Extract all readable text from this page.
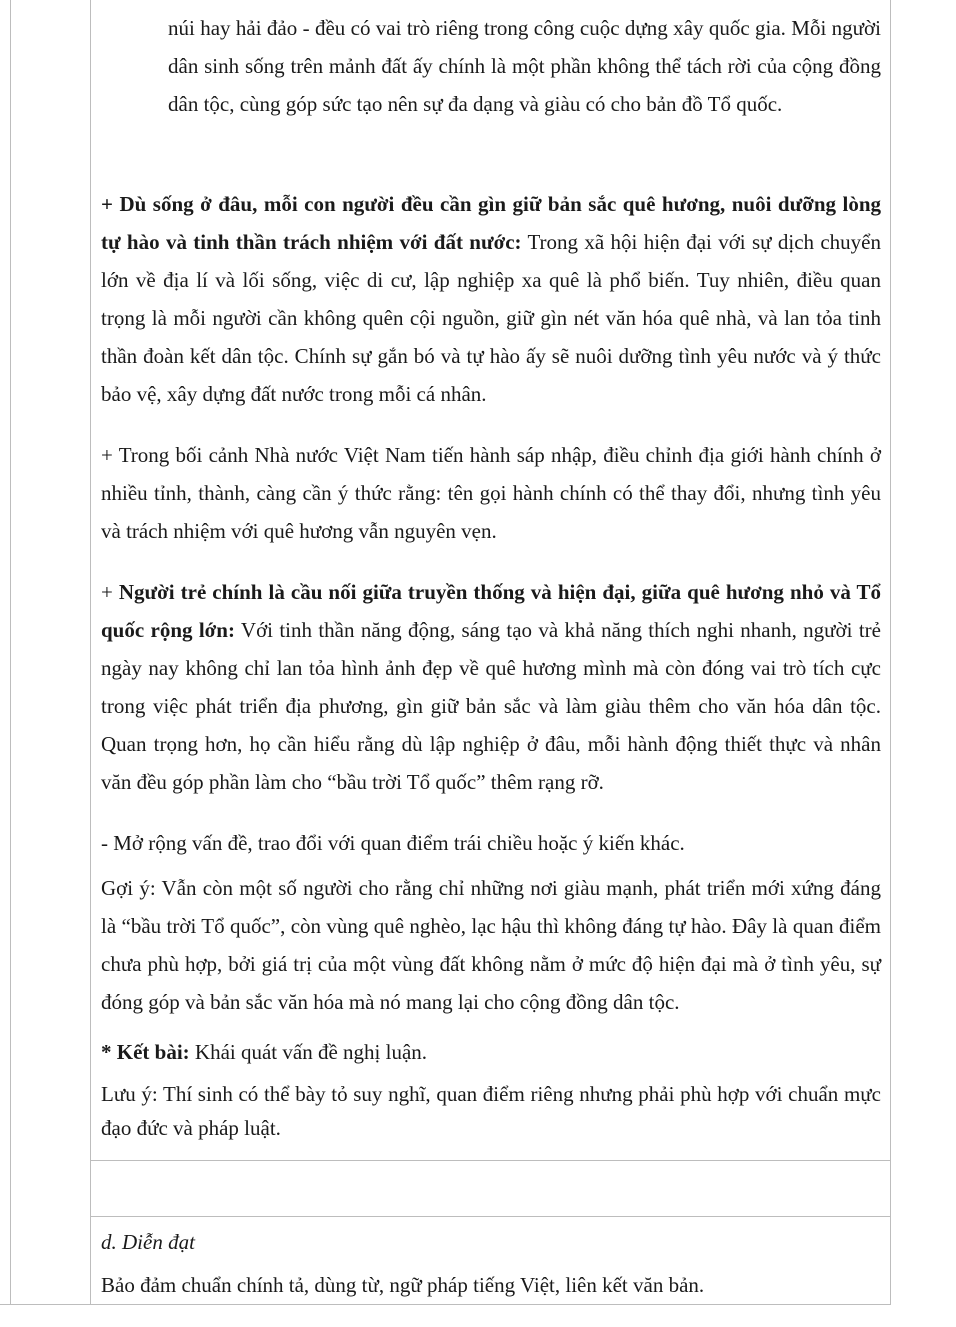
núi hay hải đảo - đều có vai trò riêng trong công cuộc dựng xây quốc gia. Mỗi người dân sinh sống trên mảnh đất ấy chính là một phần không thể tách rời của cộng đồng dân tộc, cùng góp sức tạo nên sự đa dạng và giàu có cho bản đồ Tổ quốc.

+ Dù sống ở đâu, mỗi con người đều cần gìn giữ bản sắc quê hương, nuôi dưỡng lòng tự hào và tinh thần trách nhiệm với đất nước: Trong xã hội hiện đại với sự dịch chuyển lớn về địa lí và lối sống, việc di cư, lập nghiệp xa quê là phổ biến. Tuy nhiên, điều quan trọng là mỗi người cần không quên cội nguồn, giữ gìn nét văn hóa quê nhà, và lan tỏa tinh thần đoàn kết dân tộc. Chính sự gắn bó và tự hào ấy sẽ nuôi dưỡng tình yêu nước và ý thức bảo vệ, xây dựng đất nước trong mỗi cá nhân.

+ Trong bối cảnh Nhà nước Việt Nam tiến hành sáp nhập, điều chỉnh địa giới hành chính ở nhiều tỉnh, thành, càng cần ý thức rằng: tên gọi hành chính có thể thay đổi, nhưng tình yêu và trách nhiệm với quê hương vẫn nguyên vẹn.

+ Người trẻ chính là cầu nối giữa truyền thống và hiện đại, giữa quê hương nhỏ và Tổ quốc rộng lớn: Với tinh thần năng động, sáng tạo và khả năng thích nghi nhanh, người trẻ ngày nay không chỉ lan tỏa hình ảnh đẹp về quê hương mình mà còn đóng vai trò tích cực trong việc phát triển địa phương, gìn giữ bản sắc và làm giàu thêm cho văn hóa dân tộc. Quan trọng hơn, họ cần hiểu rằng dù lập nghiệp ở đâu, mỗi hành động thiết thực và nhân văn đều góp phần làm cho “bầu trời Tổ quốc” thêm rạng rỡ.

- Mở rộng vấn đề, trao đổi với quan điểm trái chiều hoặc ý kiến khác.

Gợi ý: Vẫn còn một số người cho rằng chỉ những nơi giàu mạnh, phát triển mới xứng đáng là “bầu trời Tổ quốc”, còn vùng quê nghèo, lạc hậu thì không đáng tự hào. Đây là quan điểm chưa phù hợp, bởi giá trị của một vùng đất không nằm ở mức độ hiện đại mà ở tình yêu, sự đóng góp và bản sắc văn hóa mà nó mang lại cho cộng đồng dân tộc.

* Kết bài: Khái quát vấn đề nghị luận.

Lưu ý: Thí sinh có thể bày tỏ suy nghĩ, quan điểm riêng nhưng phải phù hợp với chuẩn mực đạo đức và pháp luật.

d. Diễn đạt

Bảo đảm chuẩn chính tả, dùng từ, ngữ pháp tiếng Việt, liên kết văn bản.
